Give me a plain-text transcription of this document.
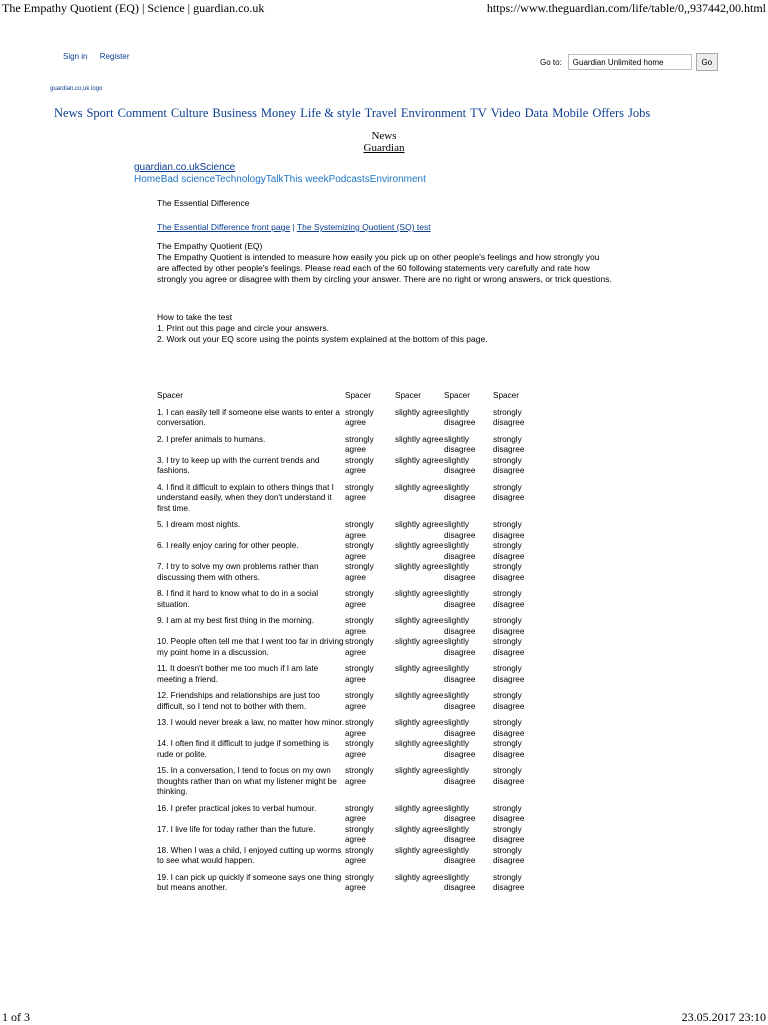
The Empathy Quotient (EQ) | Science | guardian.co.uk	https://www.theguardian.com/life/table/0,,937442,00.html
Sign in Register
Go to:	Guardian Unlimited home	Go
guardian.co.uk logo
News Sport Comment Culture Business Money Life & style Travel Environment TV Video Data Mobile Offers Jobs
News
Guardian
guardian.co.ukScience
HomeBad scienceTechnologyTalkThis weekPodcastsEnvironment
The Essential Difference
The Essential Difference front page | The Systemizing Quotient (SQ) test
The Empathy Quotient (EQ)
The Empathy Quotient is intended to measure how easily you pick up on other people's feelings and how strongly you are affected by other people's feelings. Please read each of the 60 following statements very carefully and rate how strongly you agree or disagree with them by circling your answer. There are no right or wrong answers, or trick questions.
How to take the test
1. Print out this page and circle your answers.
2. Work out your EQ score using the points system explained at the bottom of this page.
Spacer	Spacer	Spacer	Spacer	Spacer
1. I can easily tell if someone else wants to enter a conversation.	strongly agree	slightly agree	slightly disagree	strongly disagree
2. I prefer animals to humans.	strongly agree	slightly agree	slightly disagree	strongly disagree
3. I try to keep up with the current trends and fashions.	strongly agree	slightly agree	slightly disagree	strongly disagree
4. I find it difficult to explain to others things that I understand easily, when they don't understand it first time.	strongly agree	slightly agree	slightly disagree	strongly disagree
5. I dream most nights.	strongly agree	slightly agree	slightly disagree	strongly disagree
6. I really enjoy caring for other people.	strongly agree	slightly agree	slightly disagree	strongly disagree
7. I try to solve my own problems rather than discussing them with others.	strongly agree	slightly agree	slightly disagree	strongly disagree
8. I find it hard to know what to do in a social situation.	strongly agree	slightly agree	slightly disagree	strongly disagree
9. I am at my best first thing in the morning.	strongly agree	slightly agree	slightly disagree	strongly disagree
10. People often tell me that I went too far in driving my point home in a discussion.	strongly agree	slightly agree	slightly disagree	strongly disagree
11. It doesn't bother me too much if I am late meeting a friend.	strongly agree	slightly agree	slightly disagree	strongly disagree
12. Friendships and relationships are just too difficult, so I tend not to bother with them.	strongly agree	slightly agree	slightly disagree	strongly disagree
13. I would never break a law, no matter how minor.	strongly agree	slightly agree	slightly disagree	strongly disagree
14. I often find it difficult to judge if something is rude or polite.	strongly agree	slightly agree	slightly disagree	strongly disagree
15. In a conversation, I tend to focus on my own thoughts rather than on what my listener might be thinking.	strongly agree	slightly agree	slightly disagree	strongly disagree
16. I prefer practical jokes to verbal humour.	strongly agree	slightly agree	slightly disagree	strongly disagree
17. I live life for today rather than the future.	strongly agree	slightly agree	slightly disagree	strongly disagree
18. When I was a child, I enjoyed cutting up worms to see what would happen.	strongly agree	slightly agree	slightly disagree	strongly disagree
19. I can pick up quickly if someone says one thing but means another.	strongly agree	slightly agree	slightly disagree	strongly disagree
1 of 3	23.05.2017 23:10
